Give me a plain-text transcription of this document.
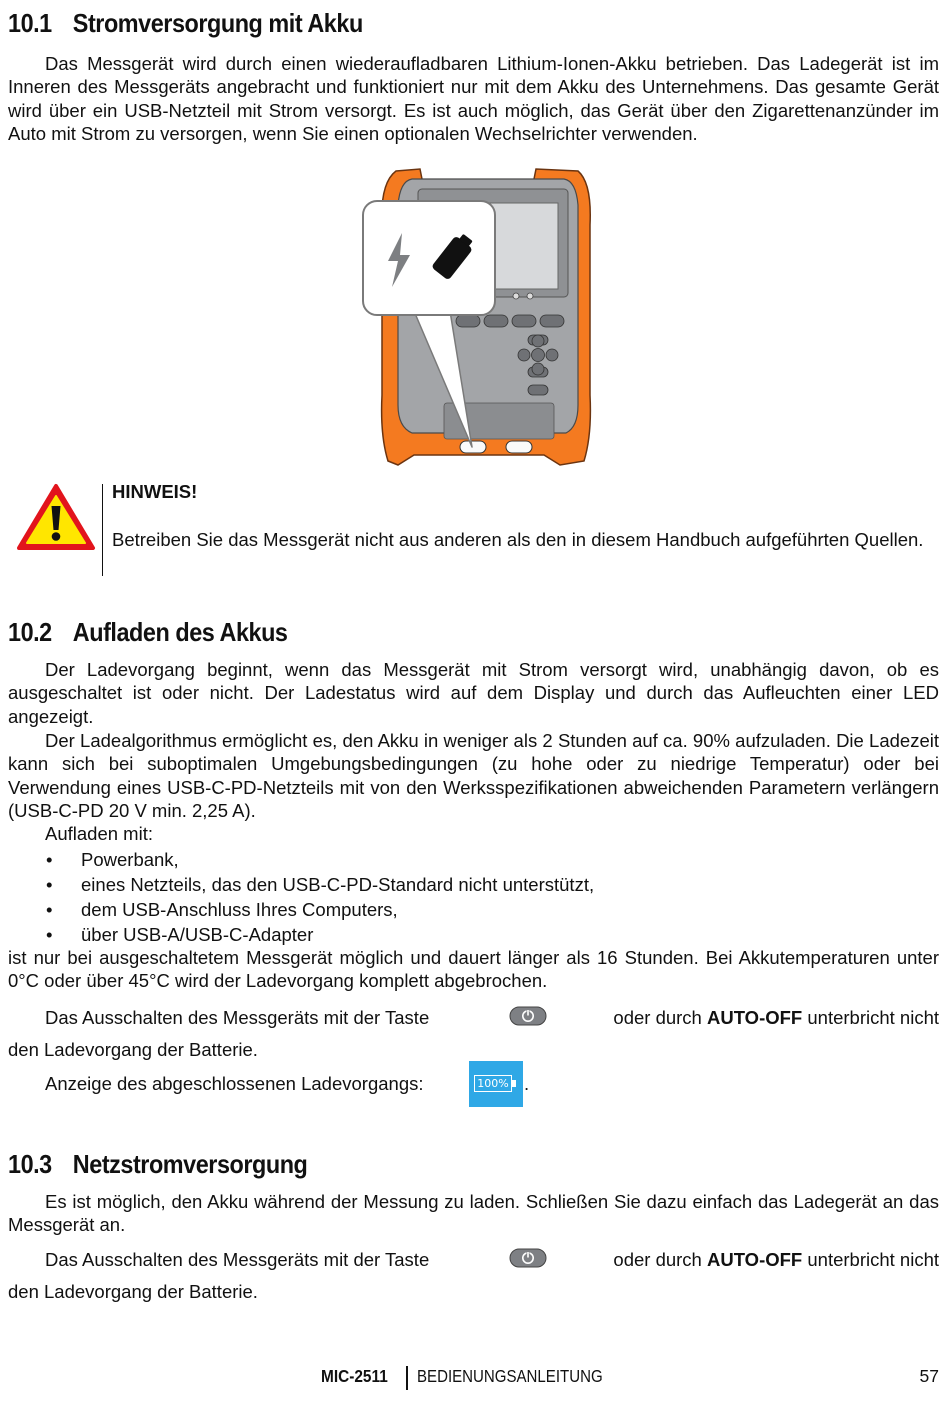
10.1 Stromversorgung mit Akku

Das Messgerät wird durch einen wiederaufladbaren Lithium-Ionen-Akku betrieben. Das Ladegerät ist im Inneren des Messgeräts angebracht und funktioniert nur mit dem Akku des Unternehmens. Das gesamte Gerät wird über ein USB-Netzteil mit Strom versorgt. Es ist auch möglich, das Gerät über den Zigarettenanzünder im Auto mit Strom zu versorgen, wenn Sie einen optionalen Wechselrichter verwenden.

HINWEIS!
Betreiben Sie das Messgerät nicht aus anderen als den in diesem Handbuch aufgeführten Quellen.
10.2 Aufladen des Akkus

Der Ladevorgang beginnt, wenn das Messgerät mit Strom versorgt wird, unabhängig davon, ob es ausgeschaltet ist oder nicht. Der Ladestatus wird auf dem Display und durch das Aufleuchten einer LED angezeigt.

Der Ladealgorithmus ermöglicht es, den Akku in weniger als 2 Stunden auf ca. 90% aufzuladen. Die Ladezeit kann sich bei suboptimalen Umgebungsbedingungen (zu hohe oder zu niedrige Temperatur) oder bei Verwendung eines USB-C-PD-Netzteils mit von den Werksspezifikationen abweichenden Parametern verlängern (USB-C-PD 20 V min. 2,25 A).

Aufladen mit:
• Powerbank,
• eines Netzteils, das den USB-C-PD-Standard nicht unterstützt,
• dem USB-Anschluss Ihres Computers,
• über USB-A/USB-C-Adapter

ist nur bei ausgeschaltetem Messgerät möglich und dauert länger als 16 Stunden. Bei Akkutemperaturen unter 0°C oder über 45°C wird der Ladevorgang komplett abgebrochen.

Das Ausschalten des Messgeräts mit der Taste	oder durch AUTO-OFF unterbricht nicht
den Ladevorgang der Batterie.
Anzeige des abgeschlossenen Ladevorgangs:	100% .
10.3 Netzstromversorgung

Es ist möglich, den Akku während der Messung zu laden. Schließen Sie dazu einfach das Ladegerät an das Messgerät an.

Das Ausschalten des Messgeräts mit der Taste	oder durch AUTO-OFF unterbricht nicht
den Ladevorgang der Batterie.
MIC-2511 BEDIENUNGSANLEITUNG	57
